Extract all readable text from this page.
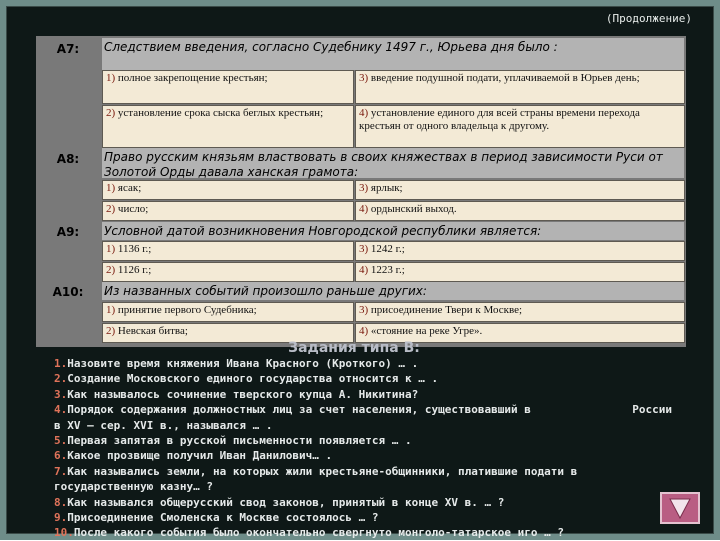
(Продолжение)
А7:	Следствием введения, согласно Судебнику 1497 г., Юрьева дня было :
1) полное закрепощение крестьян;	3) введение подушной подати, уплачиваемой в Юрьев день;
2) установление срока сыска беглых крестьян;	4) установление единого для всей страны времени перехода крестьян от одного владельца к другому.
А8:	Право русским князьям властвовать в своих княжествах в период зависимости Руси от Золотой Орды давала ханская грамота:
1) ясак;	3) ярлык;
2) число;	4) ордынский выход.
А9:	Условной датой возникновения Новгородской республики является:
1) 1136 г.;	3) 1242 г.;
2) 1126 г.;	4) 1223 г.;
А10:	Из названных событий произошло раньше других:
1) принятие первого Судебника;	3) присоединение Твери к Москве;
2) Невская битва;	4) «стояние на реке Угре».
Задания типа В:
1.Назовите время княжения Ивана Красного (Кроткого) … .
2.Создание Московского единого государства относится к … .
3.Как называлось сочинение тверского купца А. Никитина?
4.Порядок содержания должностных лиц за счет населения, существовавший в	России
в XV – сер. XVI в., назывался … .
5.Первая запятая в русской письменности появляется … .
6.Какое прозвище получил Иван Данилович… .
7.Как назывались земли, на которых жили крестьяне-общинники, платившие подати в
государственную казну… ?
8.Как назывался общерусский свод законов, принятый в конце XV в. … ?
9.Присоединение Смоленска к Москве состоялось … ?
10.После какого события было окончательно свергнуто монголо-татарское иго … ?
